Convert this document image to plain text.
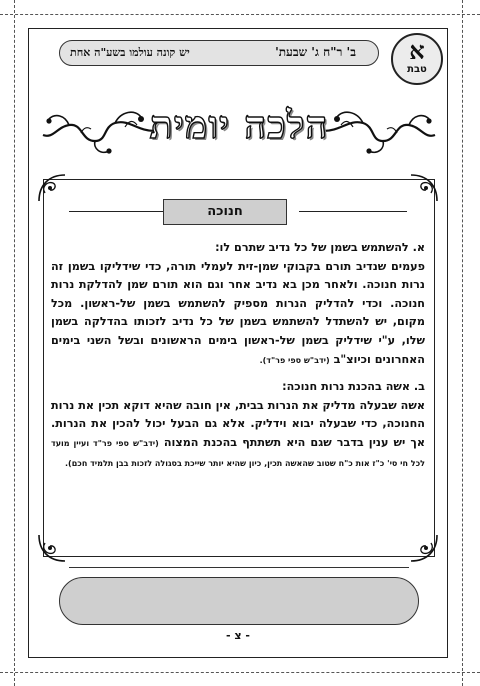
ב' ר"ח ג' שבעת'
יש קונה עולמו בשע"ה אחת	א
טבת
הלכה יומית
חנוכה

א. להשתמש בשמן של כל נדיב שתרם לו:

פעמים שנדיב תורם בקבוקי שמן-זית לעמלי תורה, כדי שידליקו בשמן זה נרות חנוכה. ולאחר מכן בא נדיב אחר וגם הוא תורם שמן להדלקת נרות חנוכה. וכדי להדליק הנרות מספיק להשתמש בשמן של-ראשון. מכל מקום, יש להשתדל להשתמש בשמן של כל נדיב לזכותו בהדלקה בשמן שלו, ע"י שידליק בשמן של-ראשון בימים הראשונים ובשל השני בימים האחרונים וכיוצ"ב (ידב"ש ספי פר"ד).

ב. אשה בהכנת נרות חנוכה:

אשה שבעלה מדליק את הנרות בבית, אין חובה שהיא דוקא תכין את נרות החנוכה, כדי שבעלה יבוא וידליק. אלא גם הבעל יכול להכין את הנרות. אך יש ענין בדבר שגם היא תשתתף בהכנת המצוה (ידב"ש ספי פר"ד ועיין מועד לכל חי סי' כ"ז אות כ"ח שטוב שהאשה תכין, כיון שהיא יותר שייכת בסגולה לזכות בבן תלמיד חכם).

- צ -
